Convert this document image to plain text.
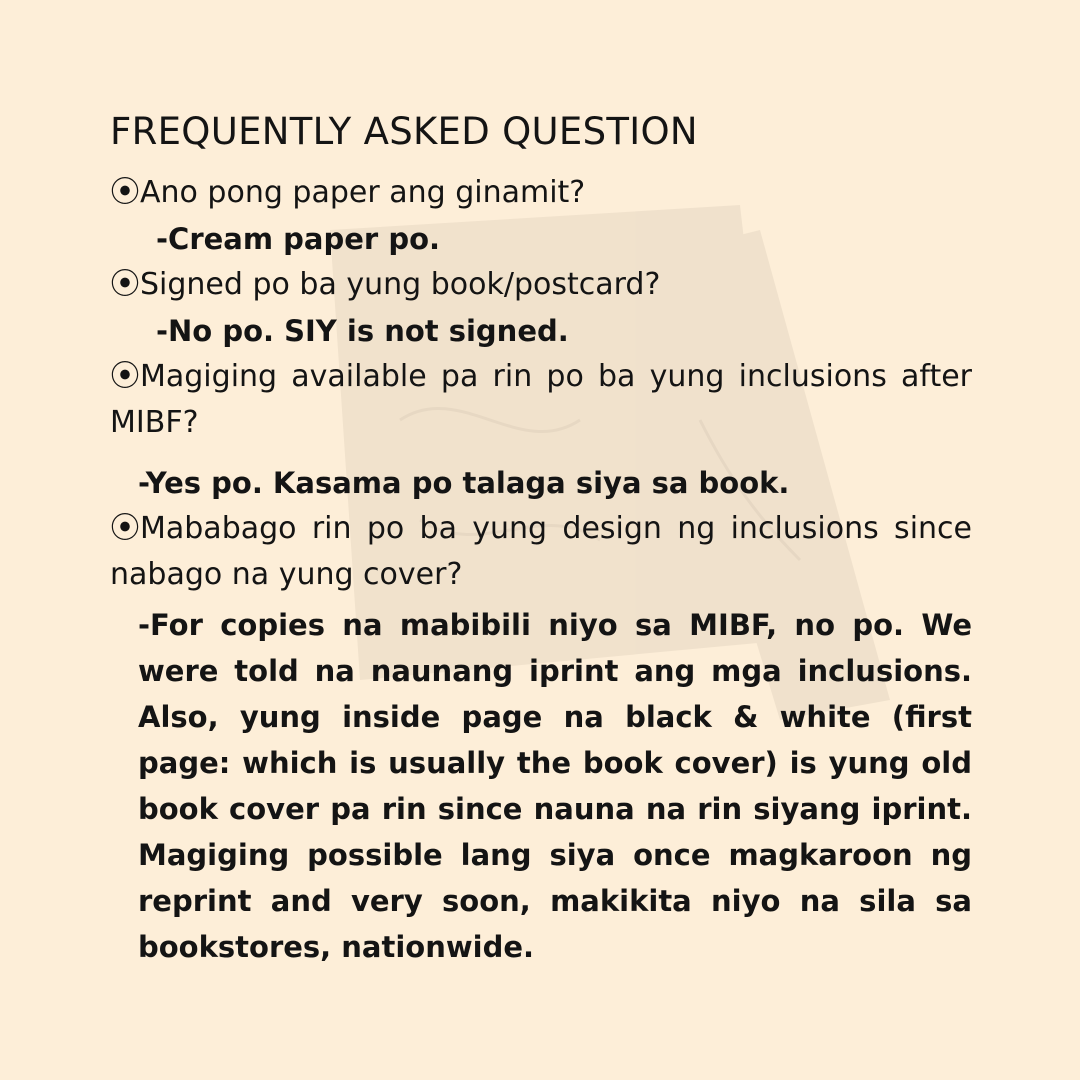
FREQUENTLY ASKED QUESTION

⦿Ano pong paper ang ginamit?

-Cream paper po.

⦿Signed po ba yung book/postcard?

-No po. SIY is not signed.

⦿Magiging available pa rin po ba yung inclusions after MIBF?

-Yes po. Kasama po talaga siya sa book.

⦿Mababago rin po ba yung design ng inclusions since nabago na yung cover?

-For copies na mabibili niyo sa MIBF, no po. We were told na naunang iprint ang mga inclusions. Also, yung inside page na black & white (first page: which is usually the book cover) is yung old book cover pa rin since nauna na rin siyang iprint. Magiging possible lang siya once magkaroon ng reprint and very soon, makikita niyo na sila sa bookstores, nationwide.
